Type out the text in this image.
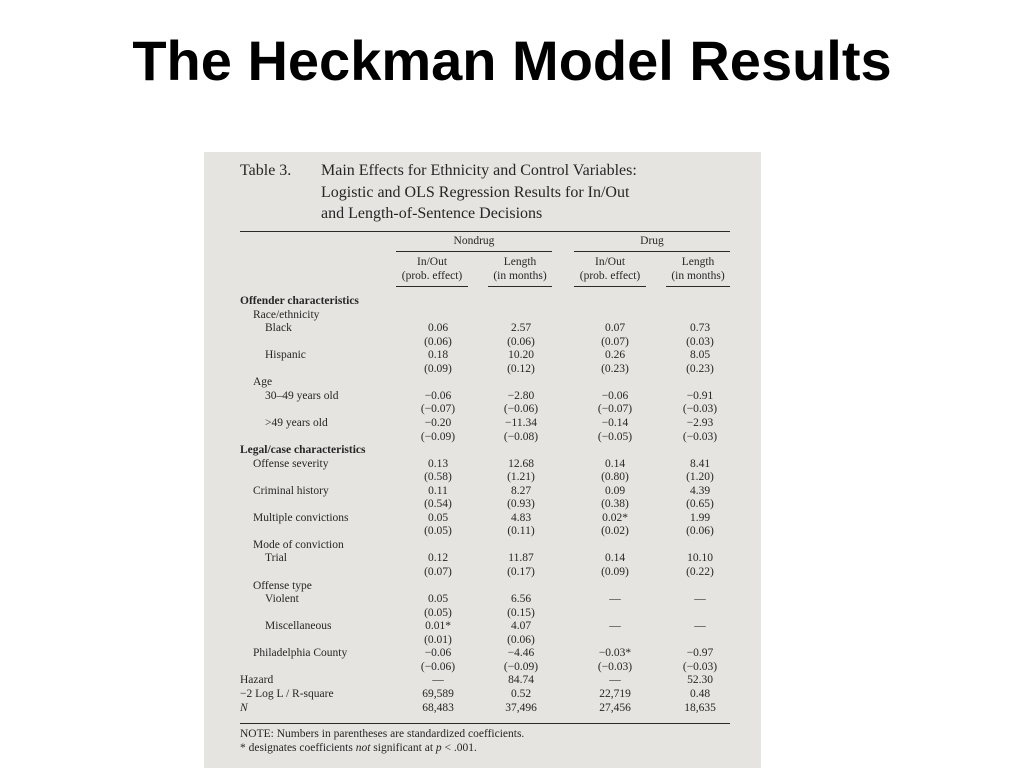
The Heckman Model Results
Table 3. Main Effects for Ethnicity and Control Variables:
Logistic and OLS Regression Results for In/Out
and Length-of-Sentence Decisions
Nondrug	Drug
In/Out
(prob. effect)
Length
(in months)
In/Out
(prob. effect)
Length
(in months)
Offender characteristics
Race/ethnicity
Black	0.06	2.57	0.07	0.73
(0.06)	(0.06)	(0.07)	(0.03)
Hispanic	0.18	10.20	0.26	8.05
(0.09)	(0.12)	(0.23)	(0.23)
Age
30–49 years old	−0.06	−2.80	−0.06	−0.91
(−0.07)	(−0.06)	(−0.07)	(−0.03)
>49 years old	−0.20	−11.34	−0.14	−2.93
(−0.09)	(−0.08)	(−0.05)	(−0.03)
Legal/case characteristics
Offense severity	0.13	12.68	0.14	8.41
(0.58)	(1.21)	(0.80)	(1.20)
Criminal history	0.11	8.27	0.09	4.39
(0.54)	(0.93)	(0.38)	(0.65)
Multiple convictions	0.05	4.83	0.02*	1.99
(0.05)	(0.11)	(0.02)	(0.06)
Mode of conviction
Trial	0.12	11.87	0.14	10.10
(0.07)	(0.17)	(0.09)	(0.22)
Offense type
Violent	0.05	6.56	—	—
(0.05)	(0.15)
Miscellaneous	0.01*	4.07	—	—
(0.01)	(0.06)
Philadelphia County	−0.06	−4.46	−0.03*	−0.97
(−0.06)	(−0.09)	(−0.03)	(−0.03)
Hazard	—	84.74	—	52.30
−2 Log L / R-square	69,589	0.52	22,719	0.48
N	68,483	37,496	27,456	18,635
NOTE: Numbers in parentheses are standardized coefficients.
* designates coefficients not significant at p < .001.
